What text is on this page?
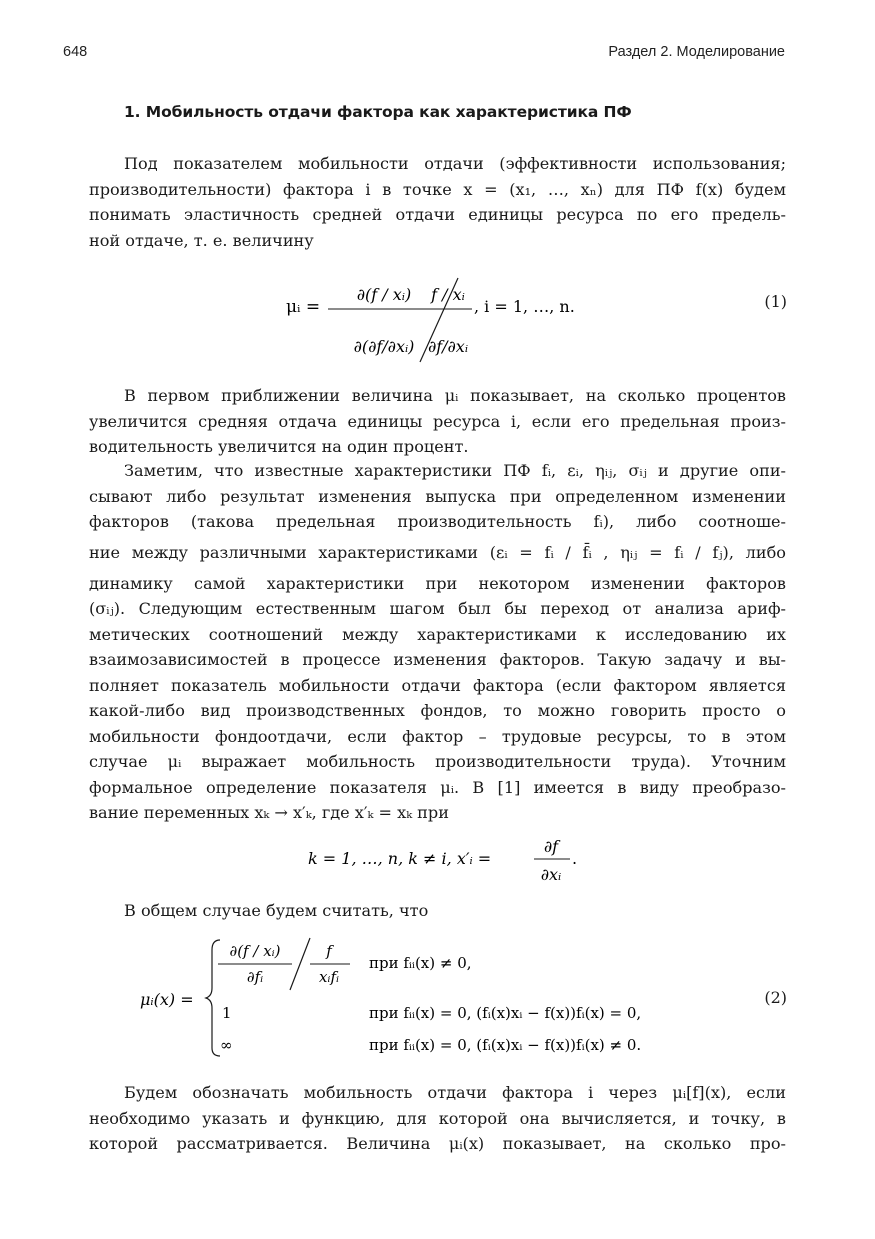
648	Раздел 2. Моделирование
1. Мобильность отдачи фактора как характеристика ПФ
Под показателем мобильности отдачи (эффективности использования;
производительности) фактора i в точке x = (x₁, …, xₙ) для ПФ f(x) будем
понимать эластичность средней отдачи единицы ресурса по его предель-
ной отдаче, т. е. величину
μᵢ =
∂(f / xᵢ)
∂(∂f/∂xᵢ)
f / xᵢ
∂f/∂xᵢ
, i = 1, …, n.	(1)
В первом приближении величина μᵢ показывает, на сколько процентов
увеличится средняя отдача единицы ресурса i, если его предельная произ-
водительность увеличится на один процент.
Заметим, что известные характеристики ПФ fᵢ, εᵢ, ηᵢⱼ, σᵢⱼ и другие опи-
сывают либо результат изменения выпуска при определенном изменении
факторов (такова предельная производительность fᵢ), либо соотноше-
ние между различными характеристиками (εᵢ = fᵢ / f̄ᵢ , ηᵢⱼ = fᵢ / fⱼ), либо
динамику самой характеристики при некотором изменении факторов
(σᵢⱼ). Следующим естественным шагом был бы переход от анализа ариф-
метических соотношений между характеристиками к исследованию их
взаимозависимостей в процессе изменения факторов. Такую задачу и вы-
полняет показатель мобильности отдачи фактора (если фактором является
какой-либо вид производственных фондов, то можно говорить просто о
мобильности фондоотдачи, если фактор – трудовые ресурсы, то в этом
случае μᵢ выражает мобильность производительности труда). Уточним
формальное определение показателя μᵢ. В [1] имеется в виду преобразо-
вание переменных xₖ → x′ₖ, где x′ₖ = xₖ при
k = 1, …, n, k ≠ i, x′ᵢ =
∂f
∂xᵢ
.
В общем случае будем считать, что
μᵢ(x) =
∂(f / xᵢ)
∂fᵢ
f
xᵢfᵢ
при fᵢᵢ(x) ≠ 0,
1	при fᵢᵢ(x) = 0, (fᵢ(x)xᵢ − f(x))fᵢ(x) = 0,
∞	при fᵢᵢ(x) = 0, (fᵢ(x)xᵢ − f(x))fᵢ(x) ≠ 0.
(2)
Будем обозначать мобильность отдачи фактора i через μᵢ[f](x), если
необходимо указать и функцию, для которой она вычисляется, и точку, в
которой рассматривается. Величина μᵢ(x) показывает, на сколько про-
